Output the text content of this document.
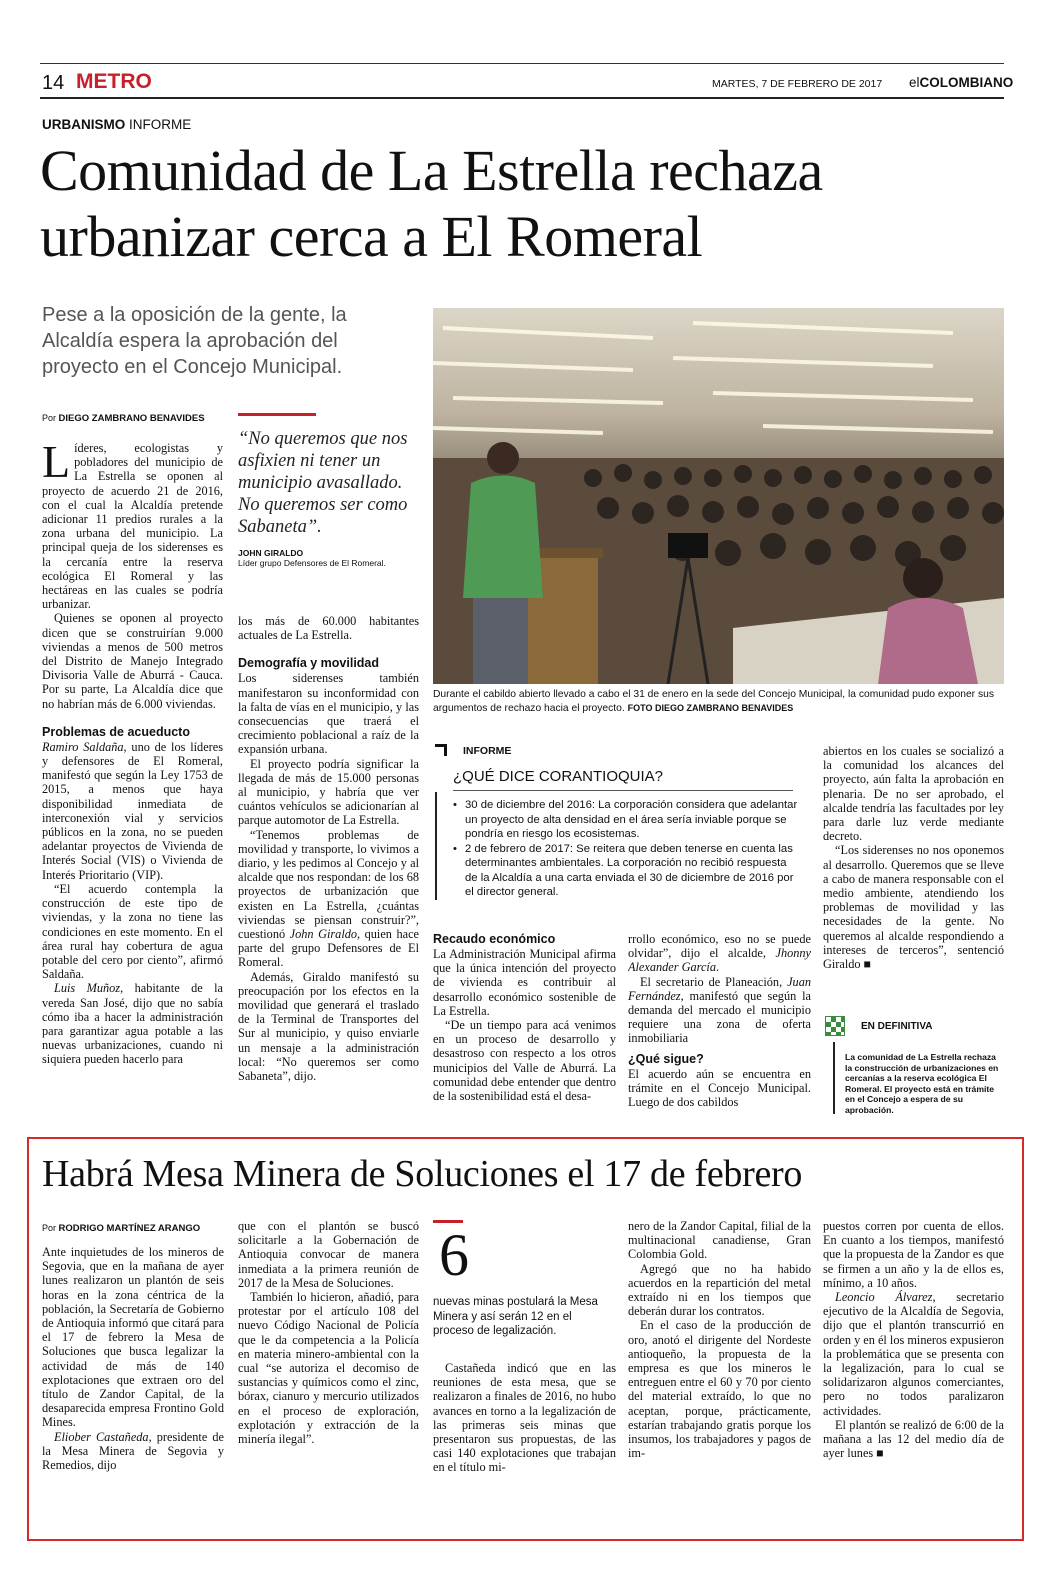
14 METRO	MARTES, 7 DE FEBRERO DE 2017 elCOLOMBIANO
URBANISMO INFORME
Comunidad de La Estrella rechaza
urbanizar cerca a El Romeral
Pese a la oposición de la gente, la Alcaldía espera la aprobación del proyecto en el Concejo Municipal.
Por DIEGO ZAMBRANO BENAVIDES
Durante el cabildo abierto llevado a cabo el 31 de enero en la sede del Concejo Municipal, la comunidad pudo exponer sus argumentos de rechazo hacia el proyecto. FOTO DIEGO ZAMBRANO BENAVIDES

Líderes, ecologistas y pobladores del municipio de La Estrella se oponen al proyecto de acuerdo 21 de 2016, con el cual la Alcaldía pretende adicionar 11 predios rurales a la zona urbana del municipio. La principal queja de los siderenses es la cercanía entre la reserva ecológica El Romeral y las hectáreas en las cuales se podría urbanizar.

Quienes se oponen al proyecto dicen que se construirían 9.000 viviendas a menos de 500 metros del Distrito de Manejo Integrado Divisoria Valle de Aburrá - Cauca. Por su parte, La Alcaldía dice que no habrían más de 6.000 viviendas.

Problemas de acueducto

Ramiro Saldaña, uno de los líderes y defensores de El Romeral, manifestó que según la Ley 1753 de 2015, a menos que haya disponibilidad inmediata de interconexión vial y servicios públicos en la zona, no se pueden adelantar proyectos de Vivienda de Interés Social (VIS) o Vivienda de Interés Prioritario (VIP).

“El acuerdo contempla la construcción de este tipo de viviendas, y la zona no tiene las condiciones en este momento. En el área rural hay cobertura de agua potable del cero por ciento”, afirmó Saldaña.

Luis Muñoz, habitante de la vereda San José, dijo que no sabía cómo iba a hacer la administración para garantizar agua potable a las nuevas urbanizaciones, cuando ni siquiera pueden hacerlo para

“No queremos que nos asfixien ni tener un municipio avasallado. No queremos ser como Sabaneta”.
JOHN GIRALDO
Líder grupo Defensores de El Romeral.

los más de 60.000 habitantes actuales de La Estrella.

Demografía y movilidad

Los siderenses también manifestaron su inconformidad con la falta de vías en el municipio, y las consecuencias que traerá el crecimiento poblacional a raíz de la expansión urbana.

El proyecto podría significar la llegada de más de 15.000 personas al municipio, y habría que ver cuántos vehículos se adicionarían al parque automotor de La Estrella.

“Tenemos problemas de movilidad y transporte, lo vivimos a diario, y les pedimos al Concejo y al alcalde que nos respondan: de los 68 proyectos de urbanización que existen en La Estrella, ¿cuántas viviendas se piensan construir?”, cuestionó John Giraldo, quien hace parte del grupo Defensores de El Romeral.

Además, Giraldo manifestó su preocupación por los efectos en la movilidad que generará el traslado de la Terminal de Transportes del Sur al municipio, y quiso enviarle un mensaje a la administración local: “No queremos ser como Sabaneta”, dijo.

INFORME
¿QUÉ DICE CORANTIOQUIA?
• 30 de diciembre del 2016: La corporación considera que adelantar un proyecto de alta densidad en el área sería inviable porque se pondría en riesgo los ecosistemas.
• 2 de febrero de 2017: Se reitera que deben tenerse en cuenta las determinantes ambientales. La corporación no recibió respuesta de la Alcaldía a una carta enviada el 30 de diciembre de 2016 por el director general.
Recaudo económico

La Administración Municipal afirma que la única intención del proyecto de vivienda es contribuir al desarrollo económico sostenible de La Estrella.

“De un tiempo para acá venimos en un proceso de desarrollo y desastroso con respecto a los otros municipios del Valle de Aburrá. La comunidad debe entender que dentro de la sostenibilidad está el desa-

rrollo económico, eso no se puede olvidar”, dijo el alcalde, Jhonny Alexander García.

El secretario de Planeación, Juan Fernández, manifestó que según la demanda del mercado el municipio requiere una zona de oferta inmobiliaria

¿Qué sigue?

El acuerdo aún se encuentra en trámite en el Concejo Municipal. Luego de dos cabildos

abiertos en los cuales se socializó a la comunidad los alcances del proyecto, aún falta la aprobación en plenaria. De no ser aprobado, el alcalde tendría las facultades por ley para darle luz verde mediante decreto.

“Los siderenses no nos oponemos al desarrollo. Queremos que se lleve a cabo de manera responsable con el medio ambiente, atendiendo los problemas de movilidad y las necesidades de la gente. No queremos al alcalde respondiendo a intereses de terceros”, sentenció Giraldo ■

EN DEFINITIVA
La comunidad de La Estrella rechaza la construcción de urbanizaciones en cercanías a la reserva ecológica El Romeral. El proyecto está en trámite en el Concejo a espera de su aprobación.
Habrá Mesa Minera de Soluciones el 17 de febrero
Por RODRIGO MARTÍNEZ ARANGO

Ante inquietudes de los mineros de Segovia, que en la mañana de ayer lunes realizaron un plantón de seis horas en la zona céntrica de la población, la Secretaría de Gobierno de Antioquia informó que citará para el 17 de febrero la Mesa de Soluciones que busca legalizar la actividad de más de 140 explotaciones que extraen oro del título de Zandor Capital, de la desaparecida empresa Frontino Gold Mines.

Eliober Castañeda, presidente de la Mesa Minera de Segovia y Remedios, dijo

que con el plantón se buscó solicitarle a la Gobernación de Antioquia convocar de manera inmediata a la primera reunión de 2017 de la Mesa de Soluciones.

También lo hicieron, añadió, para protestar por el artículo 108 del nuevo Código Nacional de Policía que le da competencia a la Policía en materia minero-ambiental con la cual “se autoriza el decomiso de sustancias y químicos como el zinc, bórax, cianuro y mercurio utilizados en el proceso de exploración, explotación y extracción de la minería ilegal”.

6
nuevas minas postulará la Mesa Minera y así serán 12 en el proceso de legalización.

Castañeda indicó que en las reuniones de esta mesa, que se realizaron a finales de 2016, no hubo avances en torno a la legalización de las primeras seis minas que presentaron sus propuestas, de las casi 140 explotaciones que trabajan en el título mi-

nero de la Zandor Capital, filial de la multinacional canadiense, Gran Colombia Gold.

Agregó que no ha habido acuerdos en la repartición del metal extraído ni en los tiempos que deberán durar los contratos.

En el caso de la producción de oro, anotó el dirigente del Nordeste antioqueño, la propuesta de la empresa es que los mineros le entreguen entre el 60 y 70 por ciento del material extraído, lo que no aceptan, porque, prácticamente, estarían trabajando gratis porque los insumos, los trabajadores y pagos de im-

puestos corren por cuenta de ellos. En cuanto a los tiempos, manifestó que la propuesta de la Zandor es que se firmen a un año y la de ellos es, mínimo, a 10 años.

Leoncio Álvarez, secretario ejecutivo de la Alcaldía de Segovia, dijo que el plantón transcurrió en orden y en él los mineros expusieron la problemática que se presenta con la legalización, para lo cual se solidarizaron algunos comerciantes, pero no todos paralizaron actividades.

El plantón se realizó de 6:00 de la mañana a las 12 del medio día de ayer lunes ■
